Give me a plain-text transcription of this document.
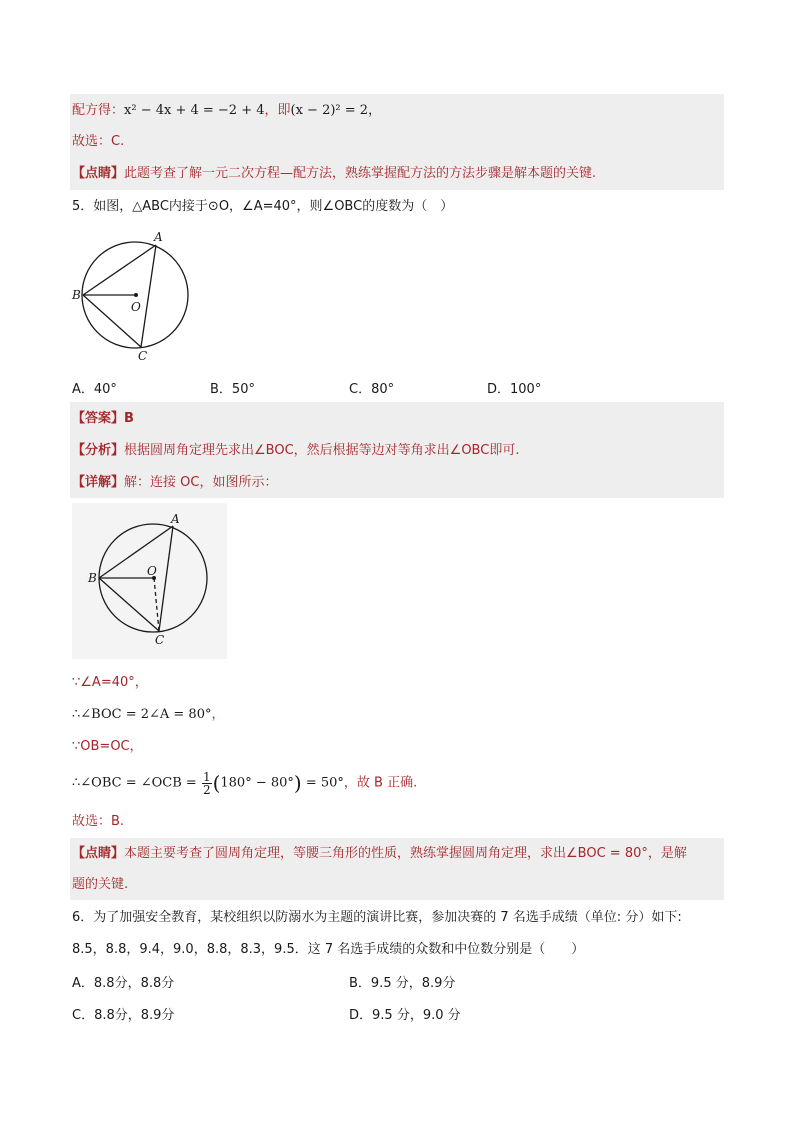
配方得：x² − 4x + 4 = −2 + 4，即(x − 2)² = 2，
故选：C.
【点睛】此题考查了解一元二次方程—配方法，熟练掌握配方法的方法步骤是解本题的关键.
5．如图，△ABC内接于⊙O，∠A=40°，则∠OBC的度数为（　）
A
B
O
C
A．40°	B．50°	C．80°	D．100°
【答案】B
【分析】根据圆周角定理先求出∠BOC，然后根据等边对等角求出∠OBC即可.
【详解】解：连接 OC，如图所示：
A
B	O
C
∵∠A=40°，
∴∠BOC = 2∠A = 80°，
∵OB=OC，
∴∠OBC = ∠OCB = $\frac{1}{2} (180^\circ - 80^\circ) = 50^\circ$，故 B 正确.
故选：B.
【点睛】本题主要考查了圆周角定理，等腰三角形的性质，熟练掌握圆周角定理，求出∠BOC = 80°，是解
题的关键.
6．为了加强安全教育，某校组织以防溺水为主题的演讲比赛，参加决赛的 7 名选手成绩（单位: 分）如下:
8.5，8.8，9.4，9.0，8.8，8.3，9.5．这 7 名选手成绩的众数和中位数分别是（　　）
A．8.8分，8.8分	B．9.5 分，8.9分
C．8.8分，8.9分	D．9.5 分，9.0 分
